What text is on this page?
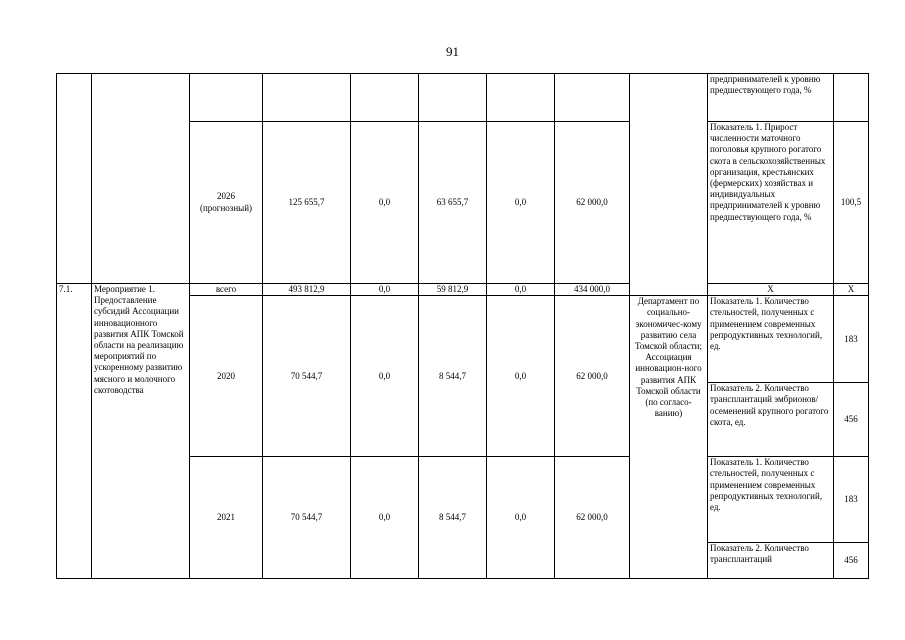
91
									предпринимателей к уровню предшествующего года, %	
		2026 (прогнозный)	125 655,7	0,0	63 655,7	0,0	62 000,0		Показатель 1. Прирост численности маточного поголовья крупного рогатого скота в сельскохозяйственных организация, крестьянских (фермерских) хозяйствах и индивидуальных предпринимателей к уровню предшествующего года, %	100,5
7.1.	Мероприятие 1. Предоставление субсидий Ассоциации инновационного развития АПК Томской области на реализацию мероприятий по ускоренному развитию мясного и молочного скотоводства	всего	493 812,9	0,0	59 812,9	0,0	434 000,0		Х	Х
		2020	70 544,7	0,0	8 544,7	0,0	62 000,0	Департамент по социально-экономичес-кому развитию села Томской области; Ассоциация инновацион-ного развития АПК Томской области (по согласо-ванию)	Показатель 1. Количество стельностей, полученных с применением современных репродуктивных технологий, ед.	183
									Показатель 2. Количество трансплантаций эмбрионов/осеменений крупного рогатого скота, ед.	456
		2021	70 544,7	0,0	8 544,7	0,0	62 000,0		Показатель 1. Количество стельностей, полученных с применением современных репродуктивных технологий, ед.	183
									Показатель 2. Количество трансплантаций	456
